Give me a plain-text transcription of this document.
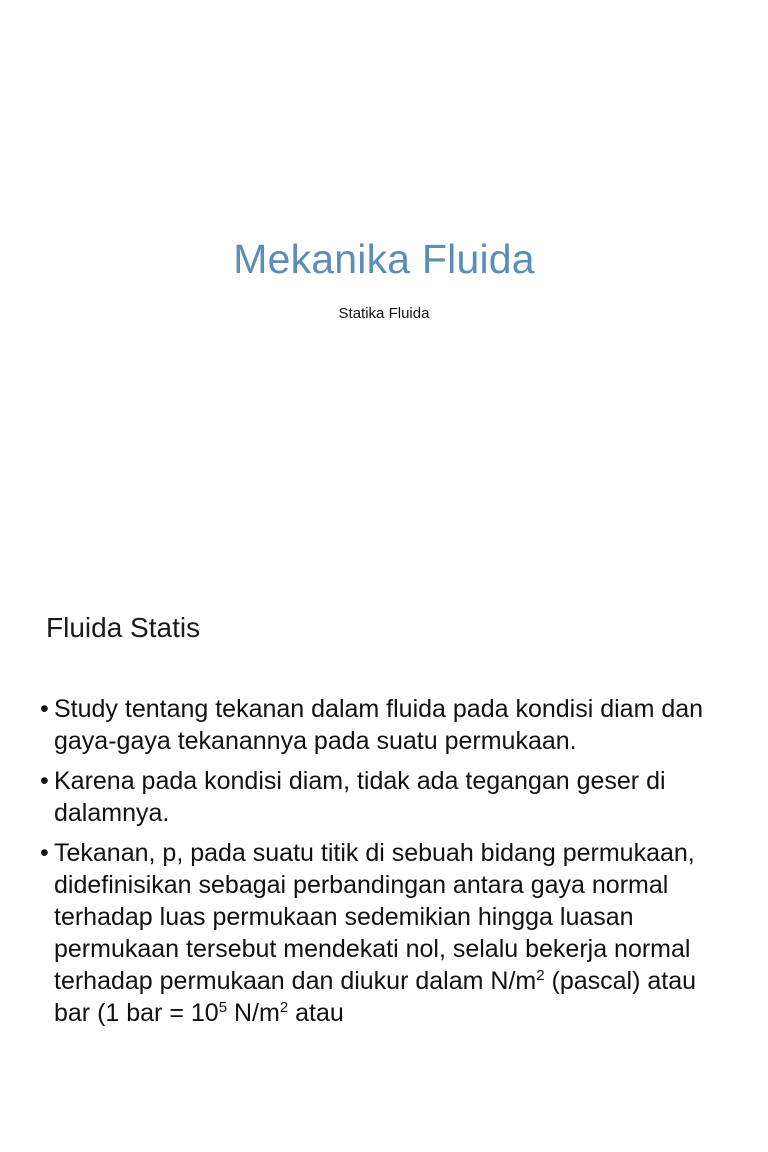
Mekanika Fluida
Statika Fluida
Fluida Statis
• Study tentang tekanan dalam fluida pada kondisi diam dan gaya-gaya tekanannya pada suatu permukaan.
• Karena pada kondisi diam, tidak ada tegangan geser di dalamnya.
• Tekanan, p, pada suatu titik di sebuah bidang permukaan, didefinisikan sebagai perbandingan antara gaya normal terhadap luas permukaan sedemikian hingga luasan permukaan tersebut mendekati nol, selalu bekerja normal terhadap permukaan dan diukur dalam $N/m^2$ (pascal) atau bar (1 bar = $10^5$ $N/m^2$ atau
